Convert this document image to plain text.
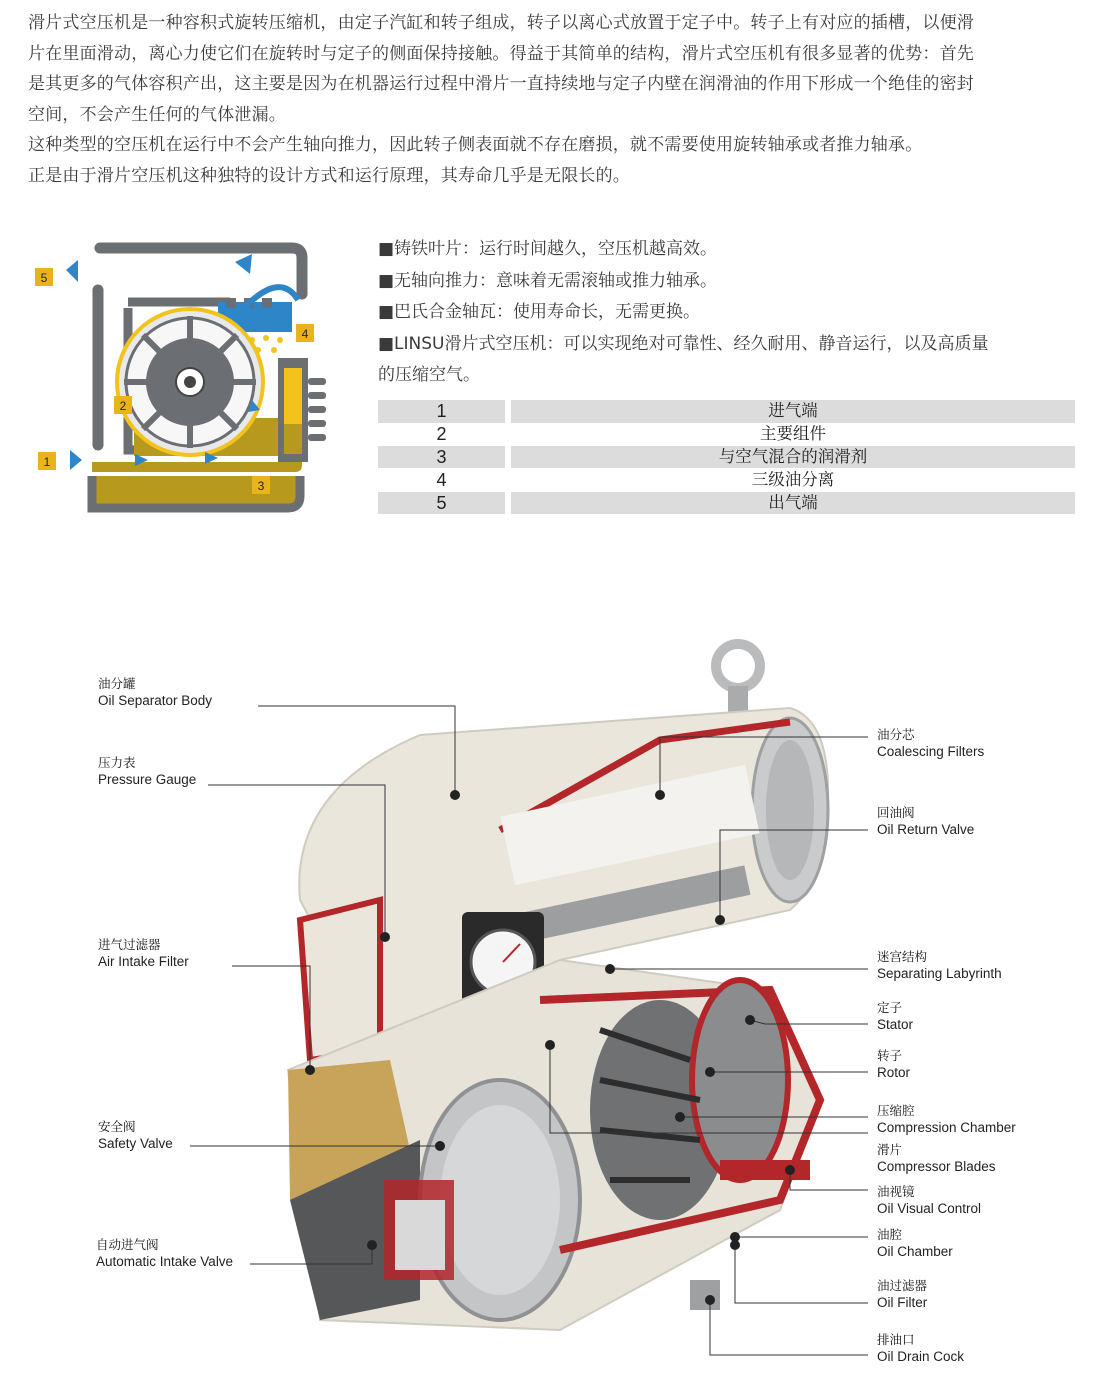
滑片式空压机是一种容积式旋转压缩机，由定子汽缸和转子组成，转子以离心式放置于定子中。转子上有对应的插槽，以便滑

片在里面滑动，离心力使它们在旋转时与定子的侧面保持接触。得益于其简单的结构，滑片式空压机有很多显著的优势：首先

是其更多的气体容积产出，这主要是因为在机器运行过程中滑片一直持续地与定子内壁在润滑油的作用下形成一个绝佳的密封

空间，不会产生任何的气体泄漏。

这种类型的空压机在运行中不会产生轴向推力，因此转子侧表面就不存在磨损，就不需要使用旋转轴承或者推力轴承。

正是由于滑片空压机这种独特的设计方式和运行原理，其寿命几乎是无限长的。

5
1
2
3
4

■铸铁叶片：运行时间越久，空压机越高效。

■无轴向推力：意味着无需滚轴或推力轴承。

■巴氏合金轴瓦：使用寿命长，无需更换。

■LINSU滑片式空压机：可以实现绝对可靠性、经久耐用、静音运行，以及高质量

的压缩空气。

1	进气端
2	主要组件
3	与空气混合的润滑剂
4	三级油分离
5	出气端
油分罐
Oil Separator Body
压力表
Pressure Gauge
进气过滤器
Air Intake Filter
安全阀
Safety Valve
自动进气阀
Automatic Intake Valve
油分芯
Coalescing Filters
回油阀
Oil Return Valve
迷宫结构
Separating Labyrinth
定子
Stator
转子
Rotor
压缩腔
Compression Chamber
滑片
Compressor Blades
油视镜
Oil Visual Control
油腔
Oil Chamber
油过滤器
Oil Filter
排油口
Oil Drain Cock
